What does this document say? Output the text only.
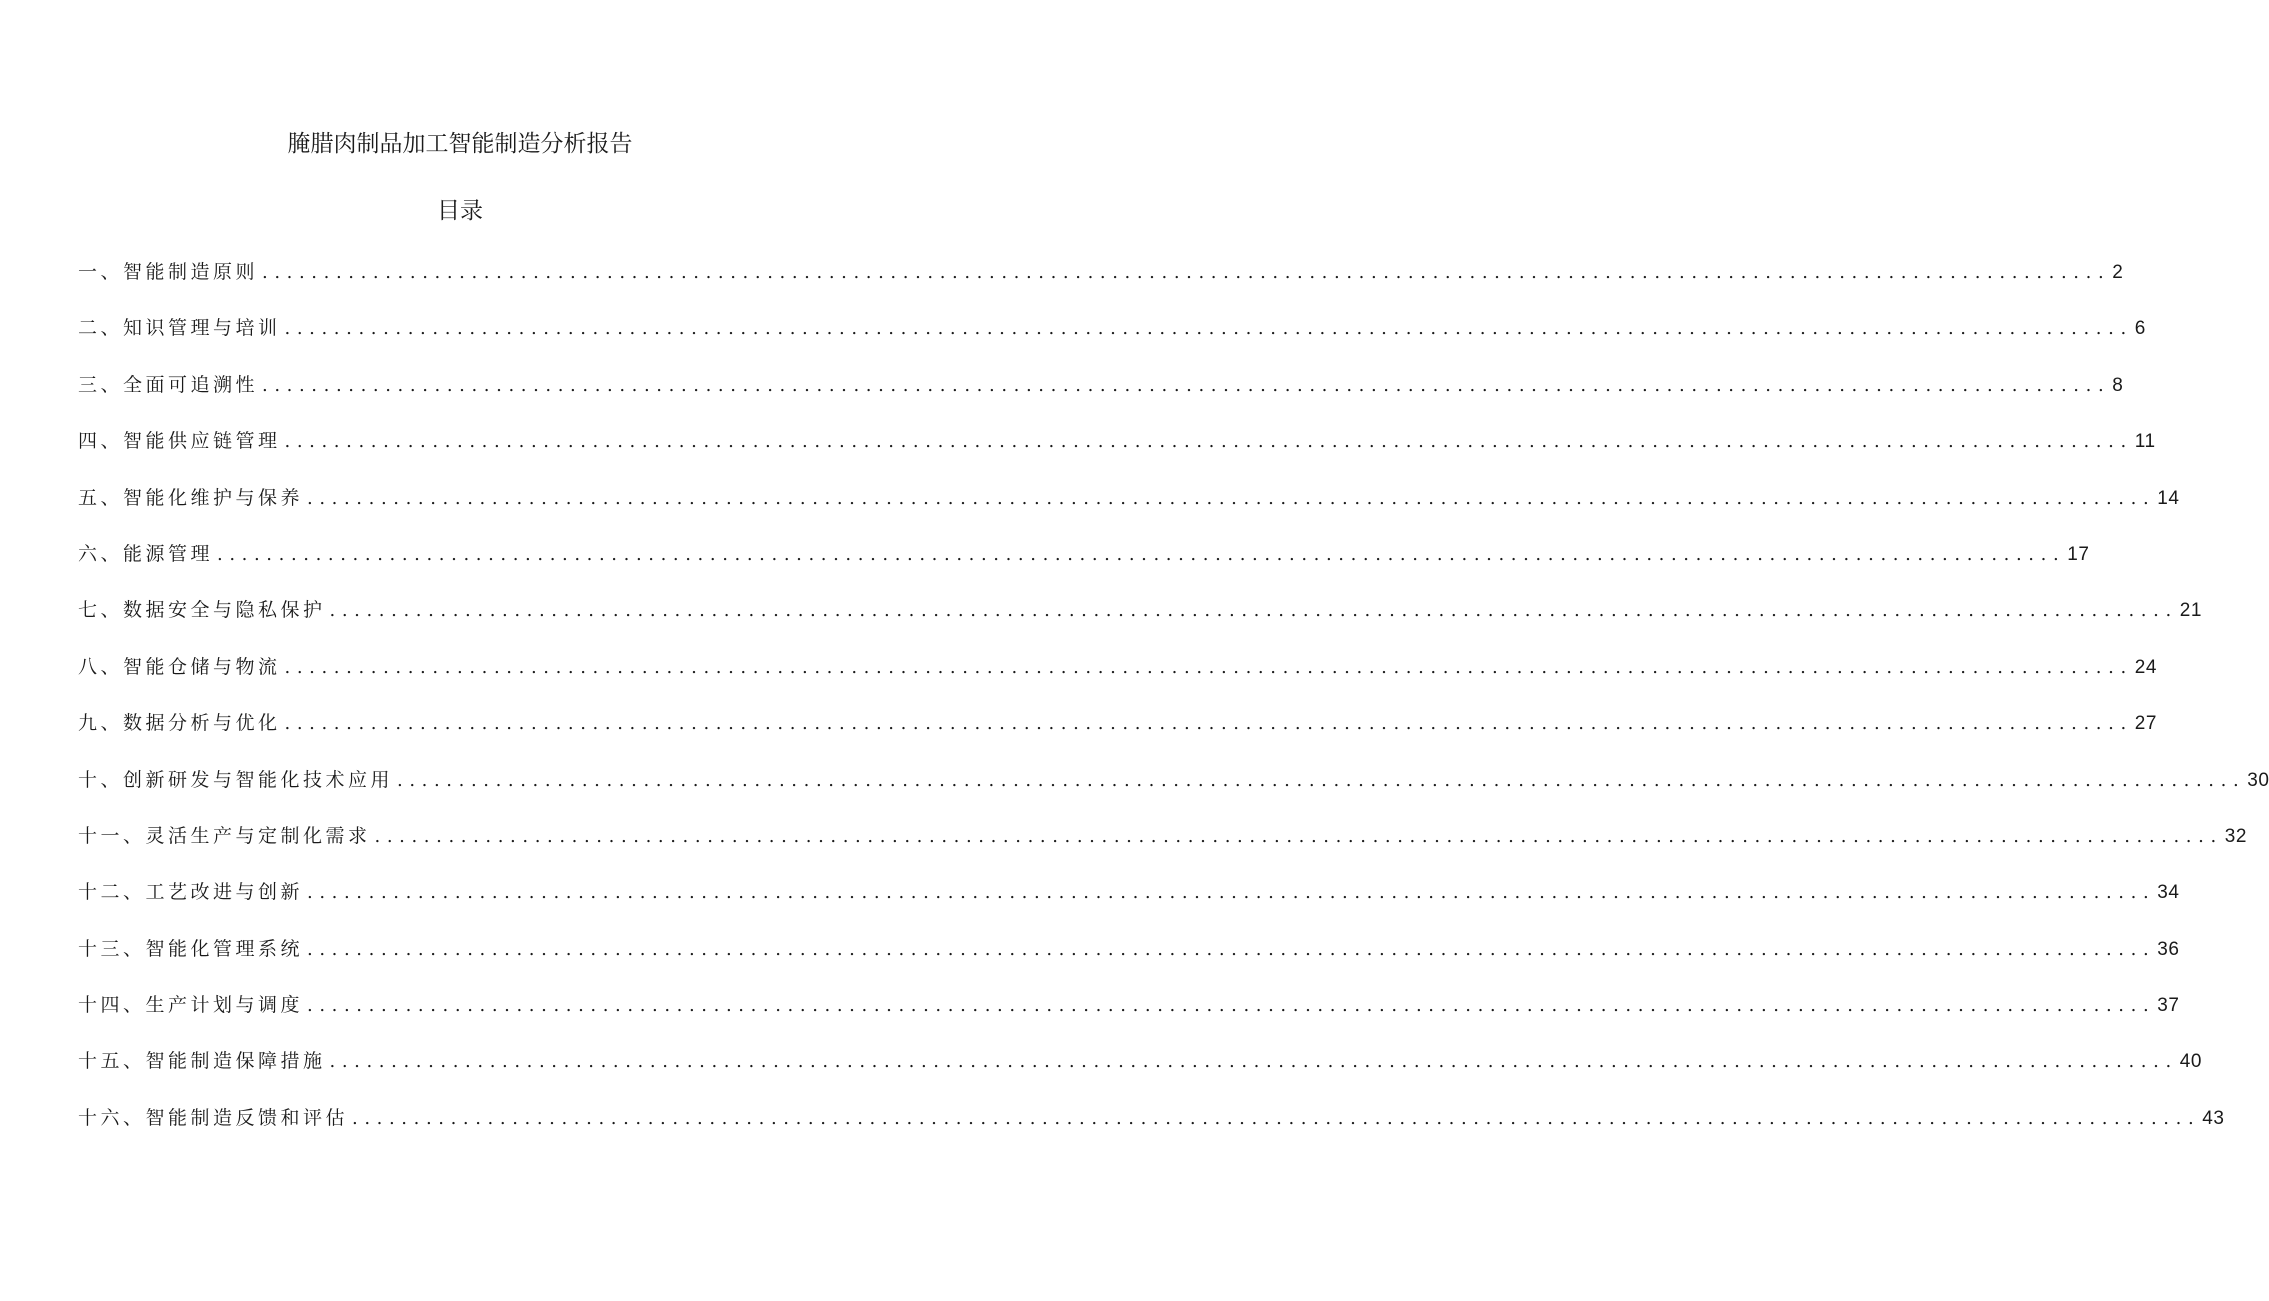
腌腊肉制品加工智能制造分析报告
目录
一、智能制造原则 ...................................................................................................................................................... 2
二、知识管理与培训 ...................................................................................................................................................... 6
三、全面可追溯性 ...................................................................................................................................................... 8
四、智能供应链管理 ...................................................................................................................................................... 11
五、智能化维护与保养 ...................................................................................................................................................... 14
六、能源管理 ...................................................................................................................................................... 17
七、数据安全与隐私保护 ...................................................................................................................................................... 21
八、智能仓储与物流 ...................................................................................................................................................... 24
九、数据分析与优化 ...................................................................................................................................................... 27
十、创新研发与智能化技术应用 ...................................................................................................................................................... 30
十一、灵活生产与定制化需求 ...................................................................................................................................................... 32
十二、工艺改进与创新 ...................................................................................................................................................... 34
十三、智能化管理系统 ...................................................................................................................................................... 36
十四、生产计划与调度 ...................................................................................................................................................... 37
十五、智能制造保障措施 ...................................................................................................................................................... 40
十六、智能制造反馈和评估 ...................................................................................................................................................... 43
